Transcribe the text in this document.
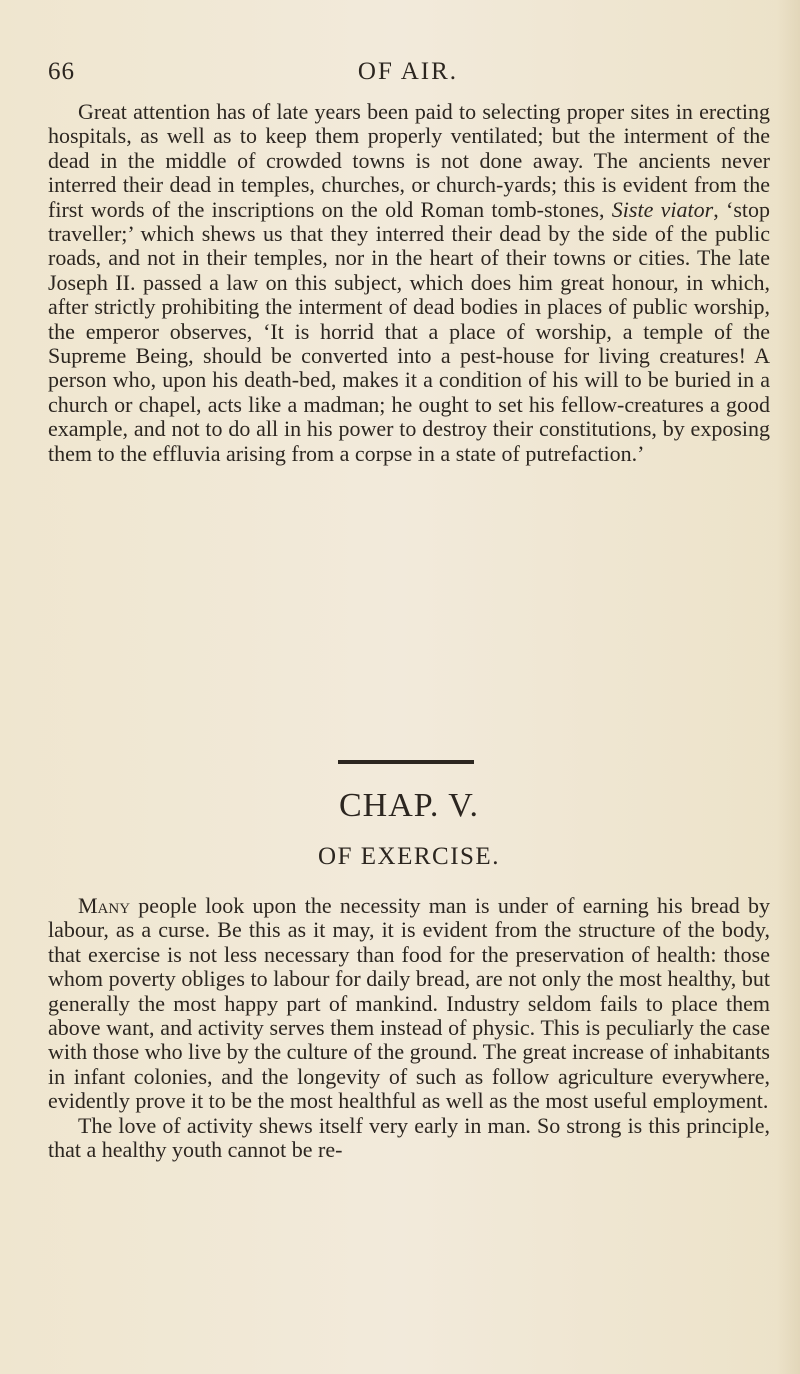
66	OF AIR.

Great attention has of late years been paid to selecting proper sites in erecting hospitals, as well as to keep them properly ventilated; but the interment of the dead in the middle of crowded towns is not done away. The ancients never interred their dead in temples, churches, or church-yards; this is evident from the first words of the inscriptions on the old Roman tomb-stones, Siste viator, ‘stop traveller;’ which shews us that they interred their dead by the side of the public roads, and not in their temples, nor in the heart of their towns or cities. The late Joseph II. passed a law on this subject, which does him great honour, in which, after strictly prohibiting the interment of dead bodies in places of public worship, the emperor observes, ‘It is horrid that a place of worship, a temple of the Supreme Being, should be converted into a pest-house for living creatures! A person who, upon his death-bed, makes it a condition of his will to be buried in a church or chapel, acts like a madman; he ought to set his fellow-creatures a good example, and not to do all in his power to destroy their constitutions, by exposing them to the effluvia arising from a corpse in a state of putrefaction.’

CHAP. V.
OF EXERCISE.

Many people look upon the necessity man is under of earning his bread by labour, as a curse. Be this as it may, it is evident from the structure of the body, that exercise is not less necessary than food for the preservation of health: those whom poverty obliges to labour for daily bread, are not only the most healthy, but generally the most happy part of mankind. Industry seldom fails to place them above want, and activity serves them instead of physic. This is peculiarly the case with those who live by the culture of the ground. The great increase of inhabitants in infant colonies, and the longevity of such as follow agriculture everywhere, evidently prove it to be the most healthful as well as the most useful employment.

The love of activity shews itself very early in man. So strong is this principle, that a healthy youth cannot be re-
